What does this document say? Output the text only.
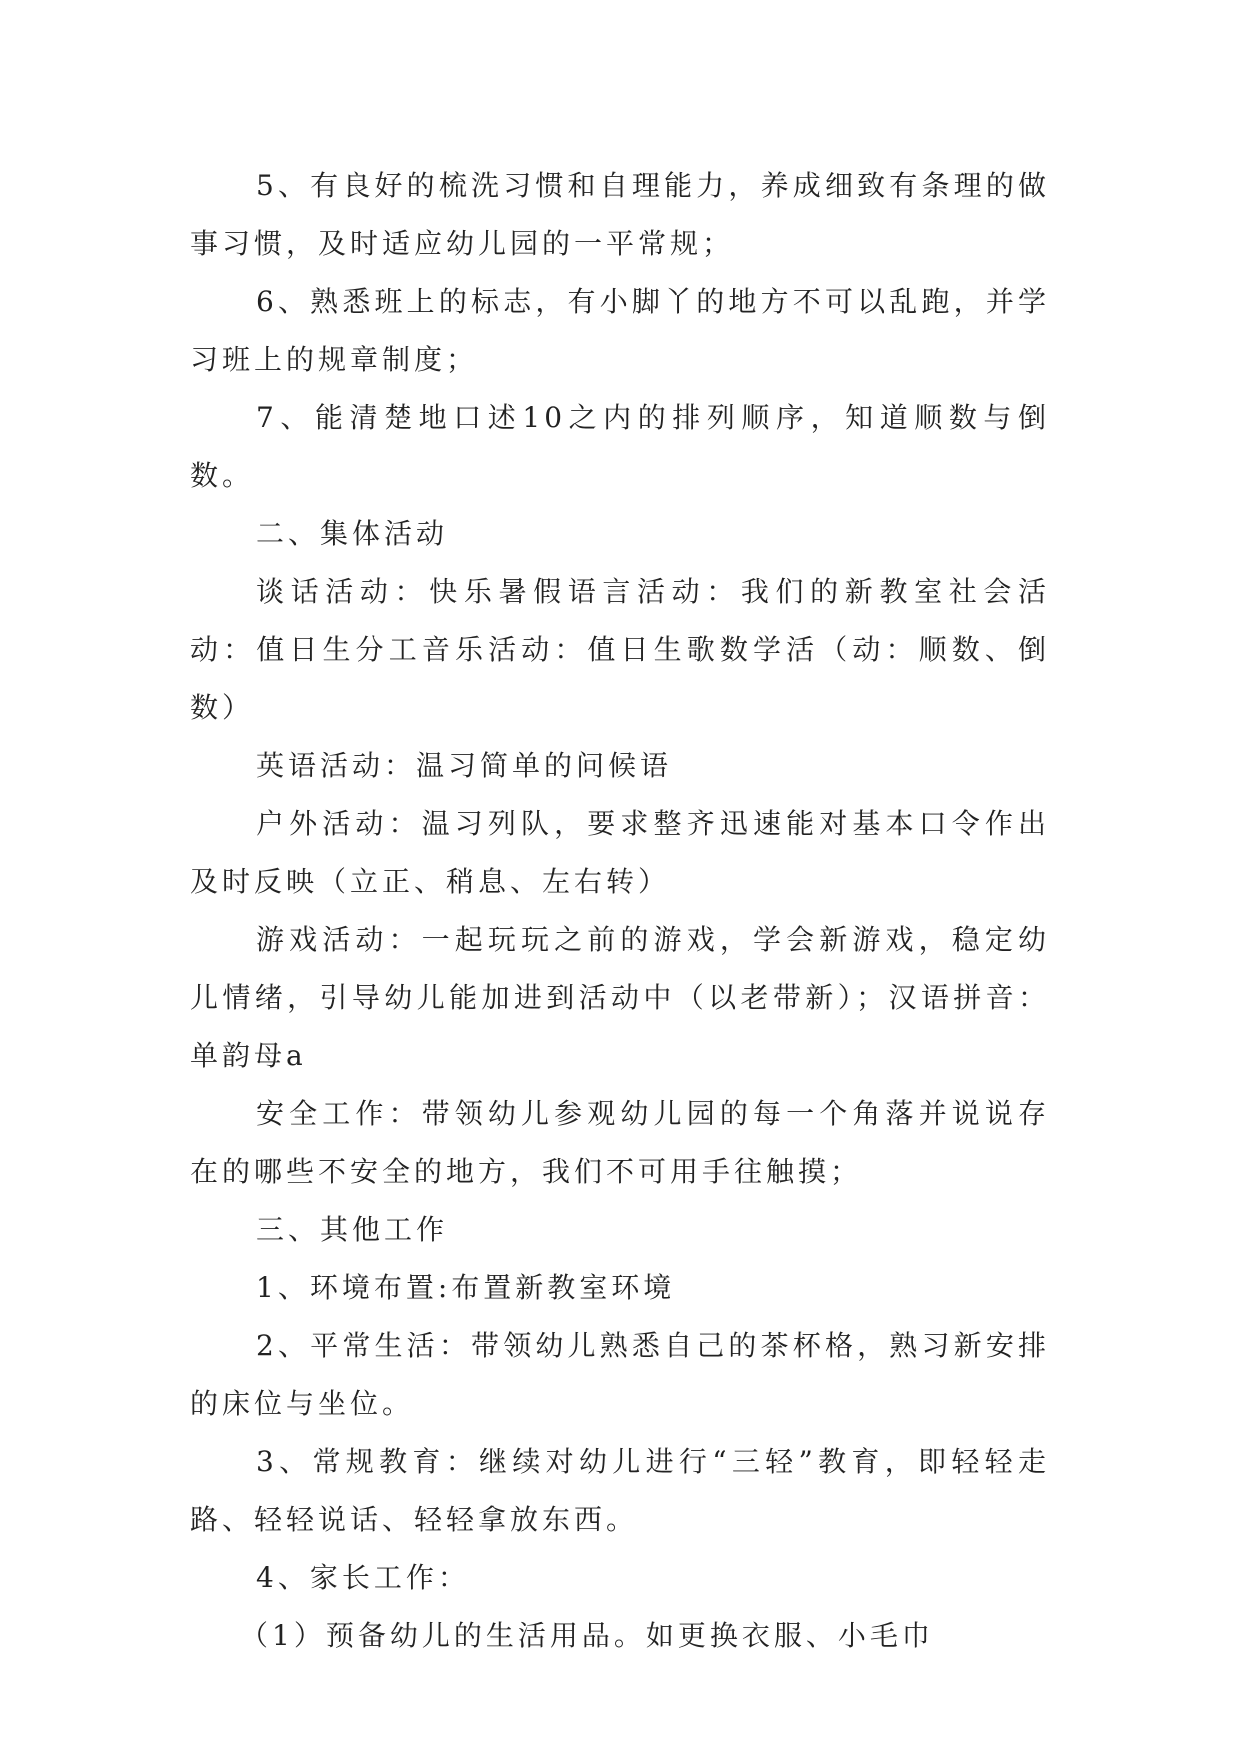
5、有良好的梳洗习惯和自理能力，养成细致有条理的做事习惯，及时适应幼儿园的一平常规；

6、熟悉班上的标志，有小脚丫的地方不可以乱跑，并学习班上的规章制度；

7、能清楚地口述10之内的排列顺序，知道顺数与倒数。

二、集体活动

谈话活动：快乐暑假语言活动：我们的新教室社会活动：值日生分工音乐活动：值日生歌数学活（动：顺数、倒数）

英语活动：温习简单的问候语

户外活动：温习列队，要求整齐迅速能对基本口令作出及时反映（立正、稍息、左右转）

游戏活动：一起玩玩之前的游戏，学会新游戏，稳定幼儿情绪，引导幼儿能加进到活动中（以老带新）；汉语拼音：单韵母a

安全工作：带领幼儿参观幼儿园的每一个角落并说说存在的哪些不安全的地方，我们不可用手往触摸；

三、其他工作

1、环境布置:布置新教室环境

2、平常生活：带领幼儿熟悉自己的茶杯格，熟习新安排的床位与坐位。

3、常规教育：继续对幼儿进行“三轻”教育，即轻轻走路、轻轻说话、轻轻拿放东西。

4、家长工作：

（1）预备幼儿的生活用品。如更换衣服、小毛巾
